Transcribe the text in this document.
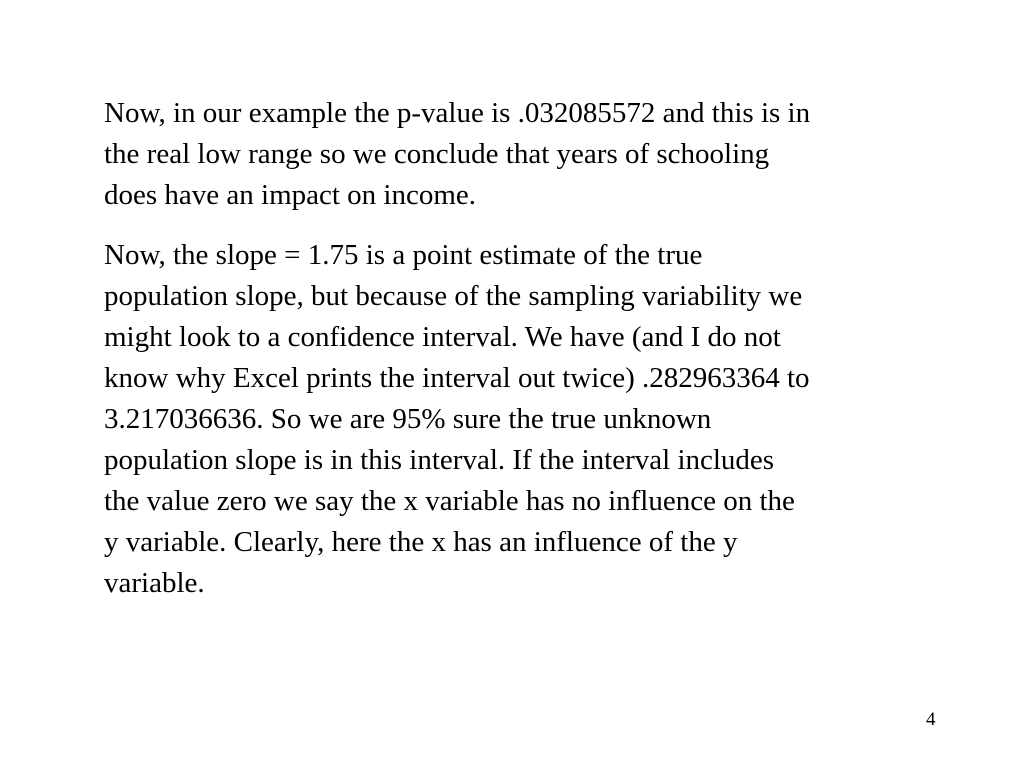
Now, in our example the p-value is .032085572 and this is in
the real low range so we conclude that years of schooling
does have an impact on income.

Now, the slope = 1.75 is a point estimate of the true
population slope, but because of the sampling variability we
might look to a confidence interval. We have (and I do not
know why Excel prints the interval out twice) .282963364 to
3.217036636. So we are 95% sure the true unknown
population slope is in this interval. If the interval includes
the value zero we say the x variable has no influence on the
y variable. Clearly, here the x has an influence of the y
variable.

4
